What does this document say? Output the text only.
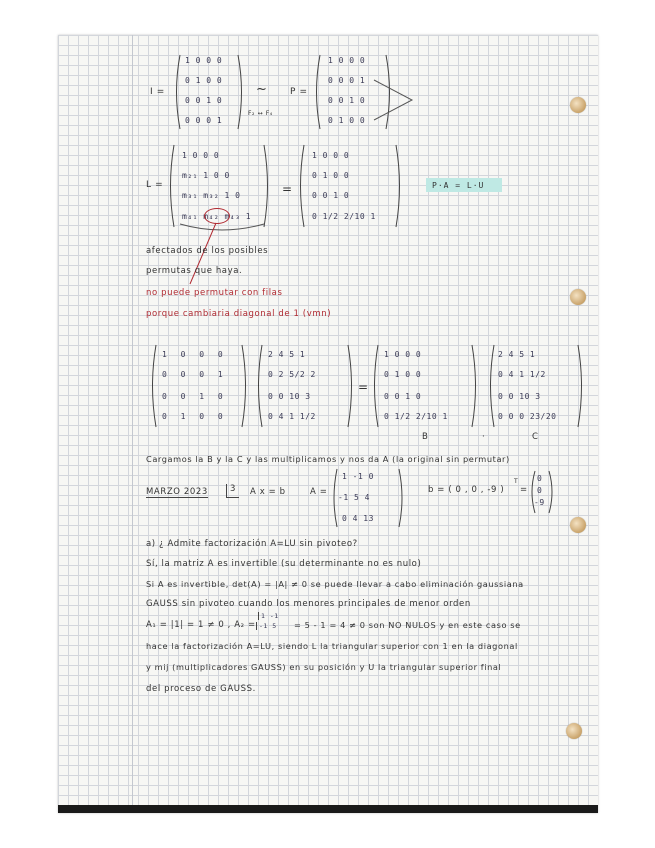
I =
1 0 0 0
0 1 0 0
0 0 1 0
0 0 0 1
~
F₂ ↔ F₄
P =
1 0 0 0
0 0 0 1
0 0 1 0
0 1 0 0
L =
1 0 0 0
m₂₁ 1 0 0
m₃₁ m₃₂ 1 0
m₄₁ m₄₂ m₄₃ 1
=
1 0 0 0
0 1 0 0
0 0 1 0
0 1/2 2/10 1
P·A = L·U
afectados de los posibles
permutas que haya.
no puede permutar con filas
porque cambiaria diagonal de 1 (vmn)
1 0 0 0
0 0 0 1
0 0 1 0
0 1 0 0
2 4 5 1
0 2 5/2 2
0 0 10 3
0 4 1 1/2
=
1 0 0 0
0 1 0 0
0 0 1 0
0 1/2 2/10 1
2 4 5 1
0 4 1 1/2
0 0 10 3
0 0 0 23/20
B	·	C
Cargamos la B y la C y las multiplicamos y nos da A (la original sin permutar)
MARZO 2023	3	A x = b	A =
1 -1 0
-1 5 4
0 4 13
b = ( 0 , 0 , -9 )
T
=
0
0
-9
a) ¿ Admite factorización A=LU sin pivoteo?
Sí, la matriz A es invertible (su determinante no es nulo)
Si A es invertible, det(A) = |A| ≠ 0 se puede llevar a cabo eliminación gaussiana
GAUSS sin pivoteo cuando los menores principales de menor orden
A₁ = |1| = 1 ≠ 0 , A₂ =
1 -1
-1 5 = 5 - 1 = 4 ≠ 0 son NO NULOS y en este caso se
hace la factorización A=LU, siendo L la triangular superior con 1 en la diagonal
y mij (multiplicadores GAUSS) en su posición y U la triangular superior final
del proceso de GAUSS.
